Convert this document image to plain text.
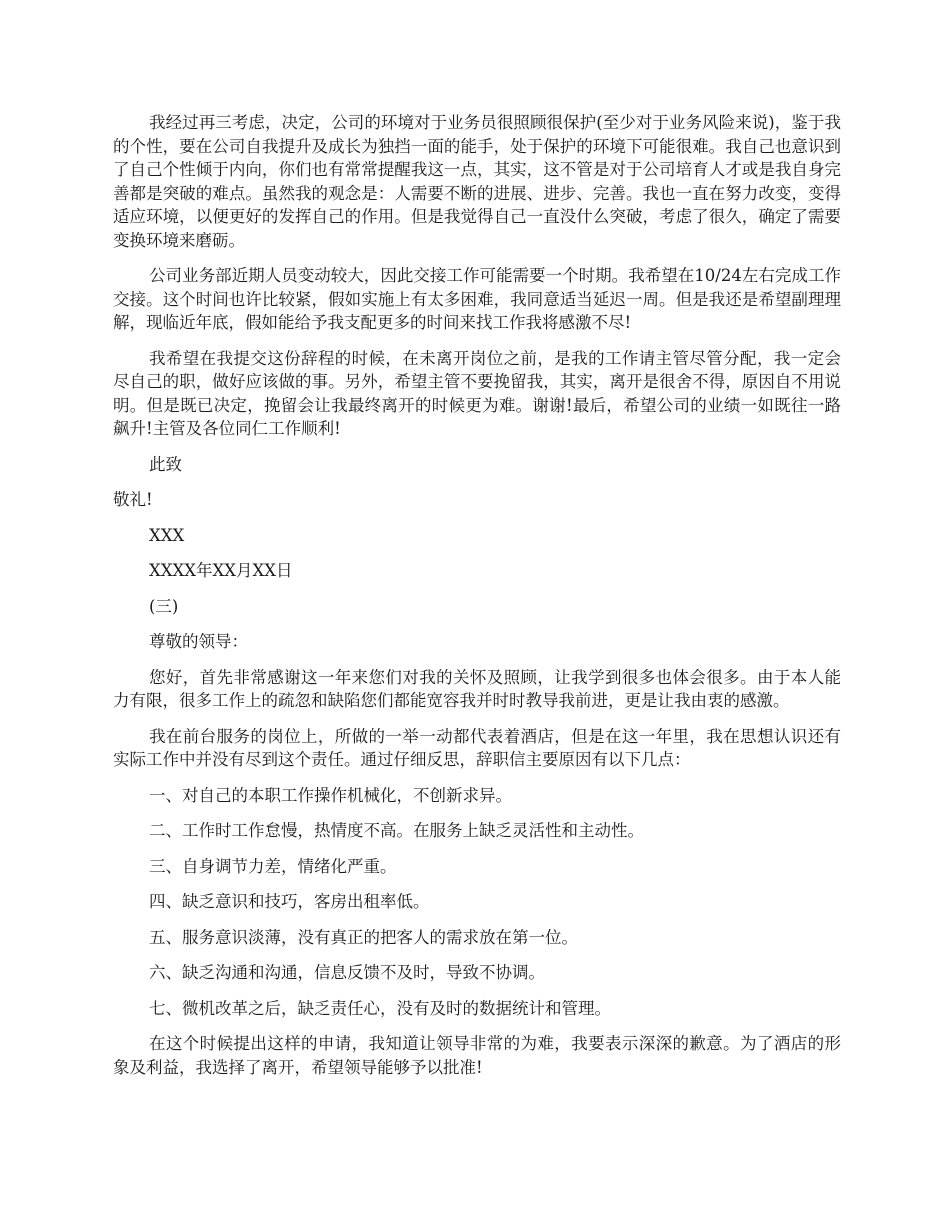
我经过再三考虑，决定，公司的环境对于业务员很照顾很保护(至少对于业务风险来说)，鉴于我的个性，要在公司自我提升及成长为独挡一面的能手，处于保护的环境下可能很难。我自己也意识到了自己个性倾于内向，你们也有常常提醒我这一点，其实，这不管是对于公司培育人才或是我自身完善都是突破的难点。虽然我的观念是：人需要不断的进展、进步、完善。我也一直在努力改变，变得适应环境，以便更好的发挥自己的作用。但是我觉得自己一直没什么突破，考虑了很久，确定了需要变换环境来磨砺。

公司业务部近期人员变动较大，因此交接工作可能需要一个时期。我希望在10/24左右完成工作交接。这个时间也许比较紧，假如实施上有太多困难，我同意适当延迟一周。但是我还是希望副理理解，现临近年底，假如能给予我支配更多的时间来找工作我将感激不尽!

我希望在我提交这份辞程的时候，在未离开岗位之前，是我的工作请主管尽管分配，我一定会尽自己的职，做好应该做的事。另外，希望主管不要挽留我，其实，离开是很舍不得，原因自不用说明。但是既已决定，挽留会让我最终离开的时候更为难。谢谢!最后，希望公司的业绩一如既往一路飙升!主管及各位同仁工作顺利!

此致

敬礼!

XXX

XXXX年XX月XX日

(三)

尊敬的领导：

您好，首先非常感谢这一年来您们对我的关怀及照顾，让我学到很多也体会很多。由于本人能力有限，很多工作上的疏忽和缺陷您们都能宽容我并时时教导我前进，更是让我由衷的感激。

我在前台服务的岗位上，所做的一举一动都代表着酒店，但是在这一年里，我在思想认识还有实际工作中并没有尽到这个责任。通过仔细反思，辞职信主要原因有以下几点：

一、对自己的本职工作操作机械化，不创新求异。

二、工作时工作怠慢，热情度不高。在服务上缺乏灵活性和主动性。

三、自身调节力差，情绪化严重。

四、缺乏意识和技巧，客房出租率低。

五、服务意识淡薄，没有真正的把客人的需求放在第一位。

六、缺乏沟通和沟通，信息反馈不及时，导致不协调。

七、微机改革之后，缺乏责任心，没有及时的数据统计和管理。

在这个时候提出这样的申请，我知道让领导非常的为难，我要表示深深的歉意。为了酒店的形象及利益，我选择了离开，希望领导能够予以批准!
